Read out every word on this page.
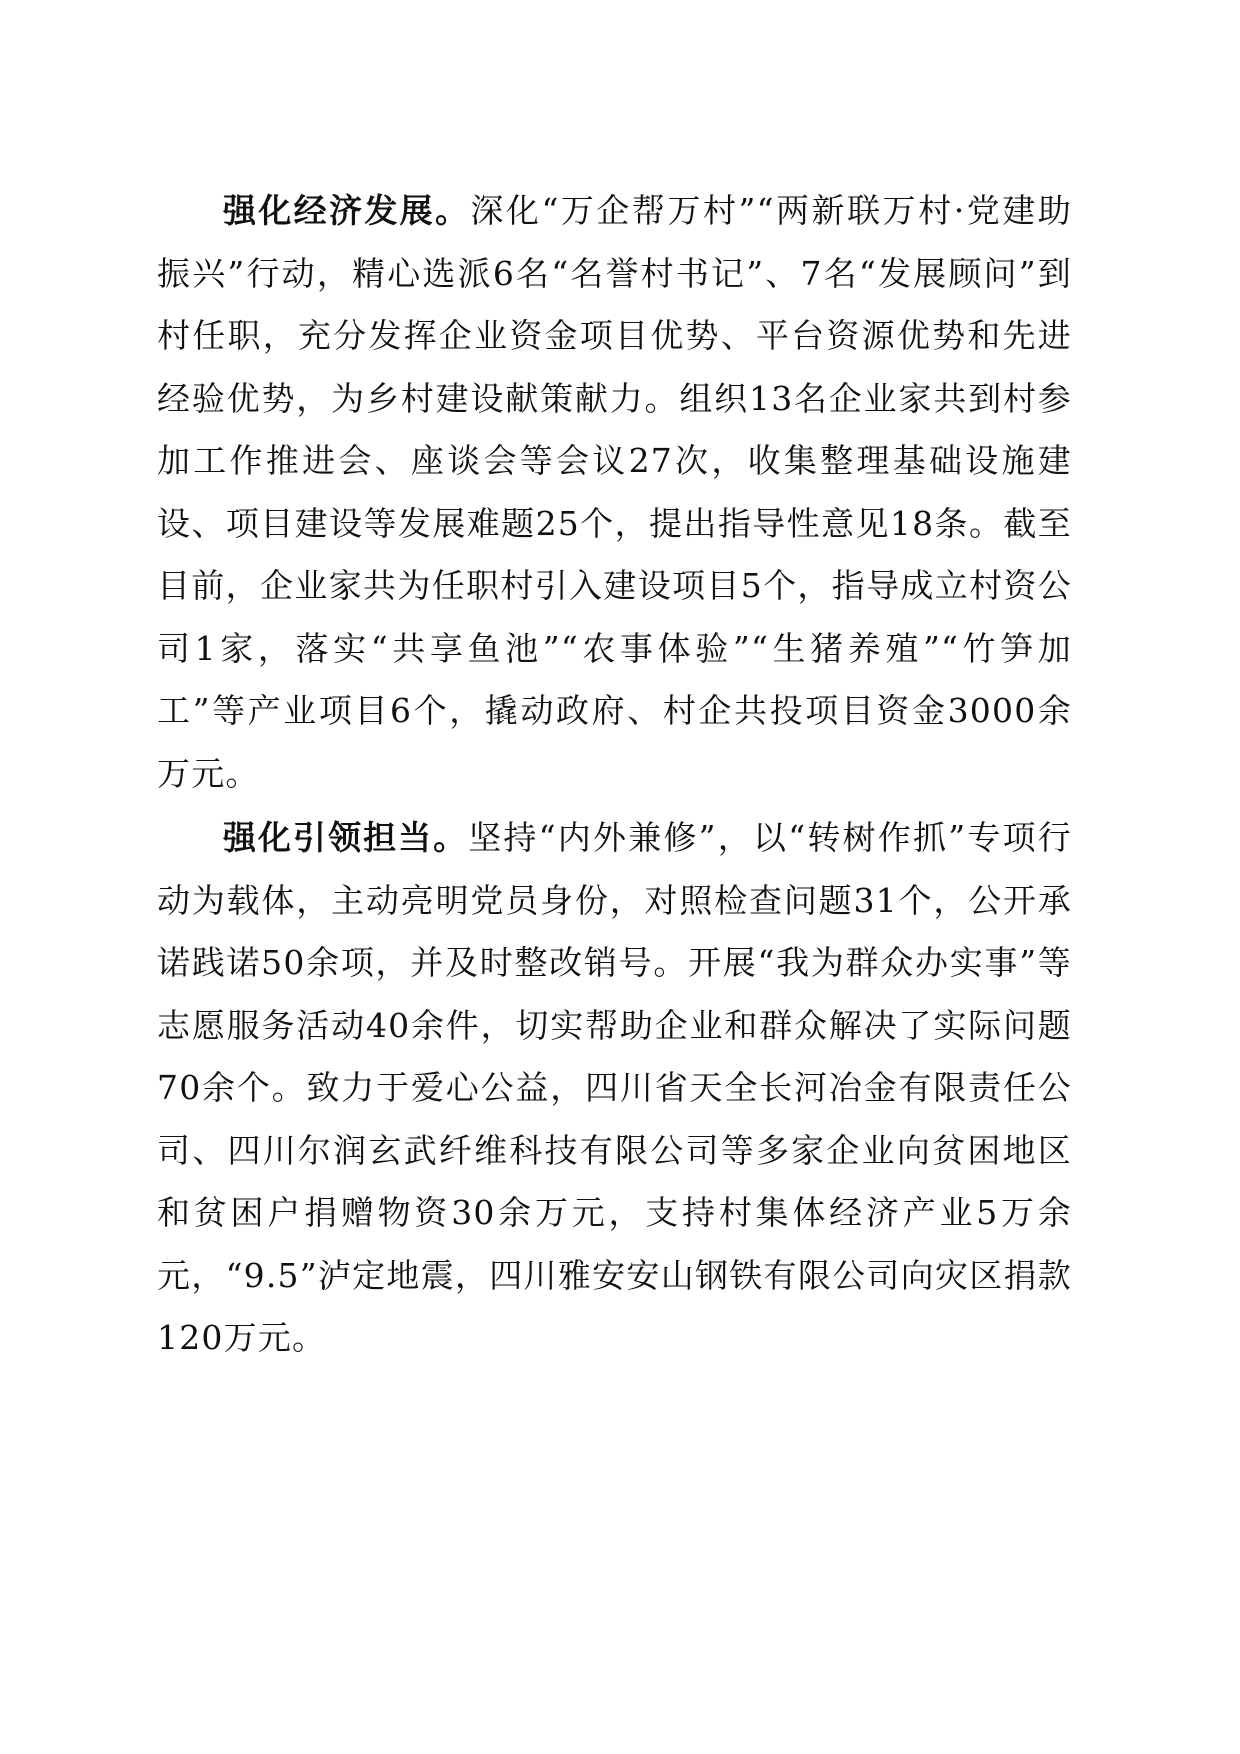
强化经济发展。深化“万企帮万村”“两新联万村·党建助振兴”行动，精心选派6名“名誉村书记”、7名“发展顾问”到村任职，充分发挥企业资金项目优势、平台资源优势和先进经验优势，为乡村建设献策献力。组织13名企业家共到村参加工作推进会、座谈会等会议27次，收集整理基础设施建设、项目建设等发展难题25个，提出指导性意见18条。截至目前，企业家共为任职村引入建设项目5个，指导成立村资公司1家，落实“共享鱼池”“农事体验”“生猪养殖”“竹笋加工”等产业项目6个，撬动政府、村企共投项目资金3000余万元。

强化引领担当。坚持“内外兼修”，以“转树作抓”专项行动为载体，主动亮明党员身份，对照检查问题31个，公开承诺践诺50余项，并及时整改销号。开展“我为群众办实事”等志愿服务活动40余件，切实帮助企业和群众解决了实际问题70余个。致力于爱心公益，四川省天全长河冶金有限责任公司、四川尔润玄武纤维科技有限公司等多家企业向贫困地区和贫困户捐赠物资30余万元，支持村集体经济产业5万余元，“9.5”泸定地震，四川雅安安山钢铁有限公司向灾区捐款120万元。
